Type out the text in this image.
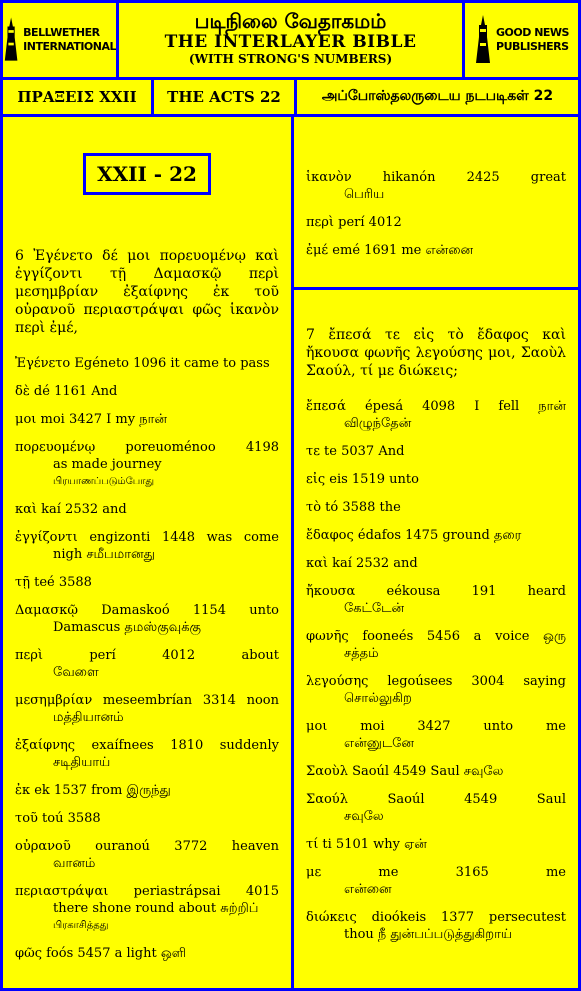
BELLWETHER
INTERNATIONAL
படிநிலை வேதாகமம்
THE INTERLAYER BIBLE
(WITH STRONG'S NUMBERS)
GOOD NEWS
PUBLISHERS
ΠΡΑΞΕΙΣ XXII	THE ACTS 22	அப்போஸ்தலருடைய நடபடிகள் 22
XXII - 22
6 Ἐγένετο δέ μοι πορευομένῳ καὶ ἐγγίζοντι τῇ Δαμασκῷ περὶ μεσημβρίαν ἐξαίφνης ἐκ τοῦ οὐρανοῦ περιαστράψαι φῶς ἱκανὸν περὶ ἐμέ,
Ἐγένετο Egéneto 1096 it came to pass
δὲ dé 1161 And
μοι moi 3427 I my நான்
πορευομένῳ poreuoménoo 4198
as made journey
பிரயாணப்படும்போது
καὶ kaí 2532 and
ἐγγίζοντι engizonti 1448 was come
nigh சமீபமானது
τῇ teé 3588
Δαμασκῷ Damaskoó 1154 unto
Damascus தமஸ்குவுக்கு
περὶ perí 4012 about
வேளை
μεσημβρίαν meseembrían 3314 noon
மத்தியானம்
ἐξαίφνης exaífnees 1810 suddenly
சடிதியாய்
ἐκ ek 1537 from இருந்து
τοῦ toú 3588
οὐρανοῦ ouranoú 3772 heaven
வானம்
περιαστράψαι periastrápsai 4015
there shone round about சுற்றிப்
பிரகாசித்தது
φῶς foós 5457 a light ஒளி
ἱκανὸν hikanón 2425 great
பெரிய
περὶ perí 4012
ἐμέ emé 1691 me என்னை
7 ἔπεσά τε εἰς τὸ ἔδαφος καὶ ἤκουσα φωνῆς λεγούσης μοι, Σαοὺλ Σαούλ, τί με διώκεις;
ἔπεσά épesá 4098 I fell நான்
விழுந்தேன்
τε te 5037 And
εἰς eis 1519 unto
τὸ tó 3588 the
ἔδαφος édafos 1475 ground தரை
καὶ kaí 2532 and
ἤκουσα eékousa 191 heard
கேட்டேன்
φωνῆς fooneés 5456 a voice ஒரு
சத்தம்
λεγούσης legoúsees 3004 saying
சொல்லுகிற
μοι moi 3427 unto me
என்னுடனே
Σαοὺλ Saoúl 4549 Saul சவுலே
Σαούλ Saoúl 4549 Saul
சவுலே
τί ti 5101 why ஏன்
με me 3165 me
என்னை
διώκεις dioókeis 1377 persecutest
thou நீ துன்பப்படுத்துகிறாய்
